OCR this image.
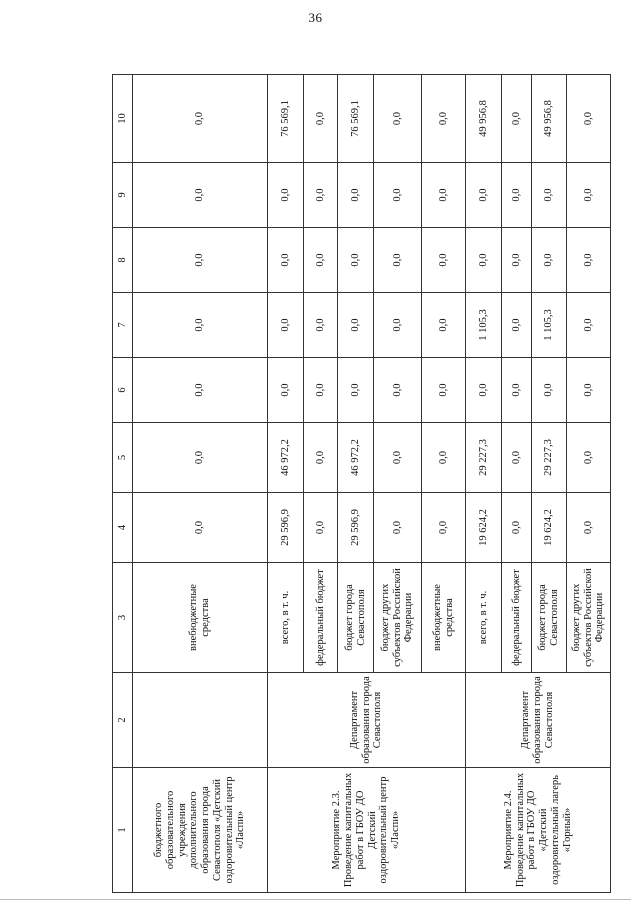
36
1	2	3	4	5	6	7	8	9	10
бюджетного образовательного учреждения дополнительного образования города Севастополя «Детский оздоровительный центр «Ласпи»		внебюджетные средства	0,0	0,0	0,0	0,0	0,0	0,0	0,0
Мероприятие 2.3. Проведение капитальных работ в ГБОУ ДО Детский оздоровительный центр «Ласпи»	Департамент образования города Севастополя	всего, в т. ч.	29 596,9	46 972,2	0,0	0,0	0,0	0,0	76 569,1
		федеральный бюджет	0,0	0,0	0,0	0,0	0,0	0,0	0,0
		бюджет города Севастополя	29 596,9	46 972,2	0,0	0,0	0,0	0,0	76 569,1
		бюджет других субъектов Российской Федерации	0,0	0,0	0,0	0,0	0,0	0,0	0,0
		внебюджетные средства	0,0	0,0	0,0	0,0	0,0	0,0	0,0
Мероприятие 2.4. Проведение капитальных работ в ГБОУ ДО «Детский оздоровительный лагерь «Горный»	Департамент образования города Севастополя	всего, в т. ч.	19 624,2	29 227,3	0,0	1 105,3	0,0	0,0	49 956,8
		федеральный бюджет	0,0	0,0	0,0	0,0	0,0	0,0	0,0
		бюджет города Севастополя	19 624,2	29 227,3	0,0	1 105,3	0,0	0,0	49 956,8
		бюджет других субъектов Российской Федерации	0,0	0,0	0,0	0,0	0,0	0,0	0,0
